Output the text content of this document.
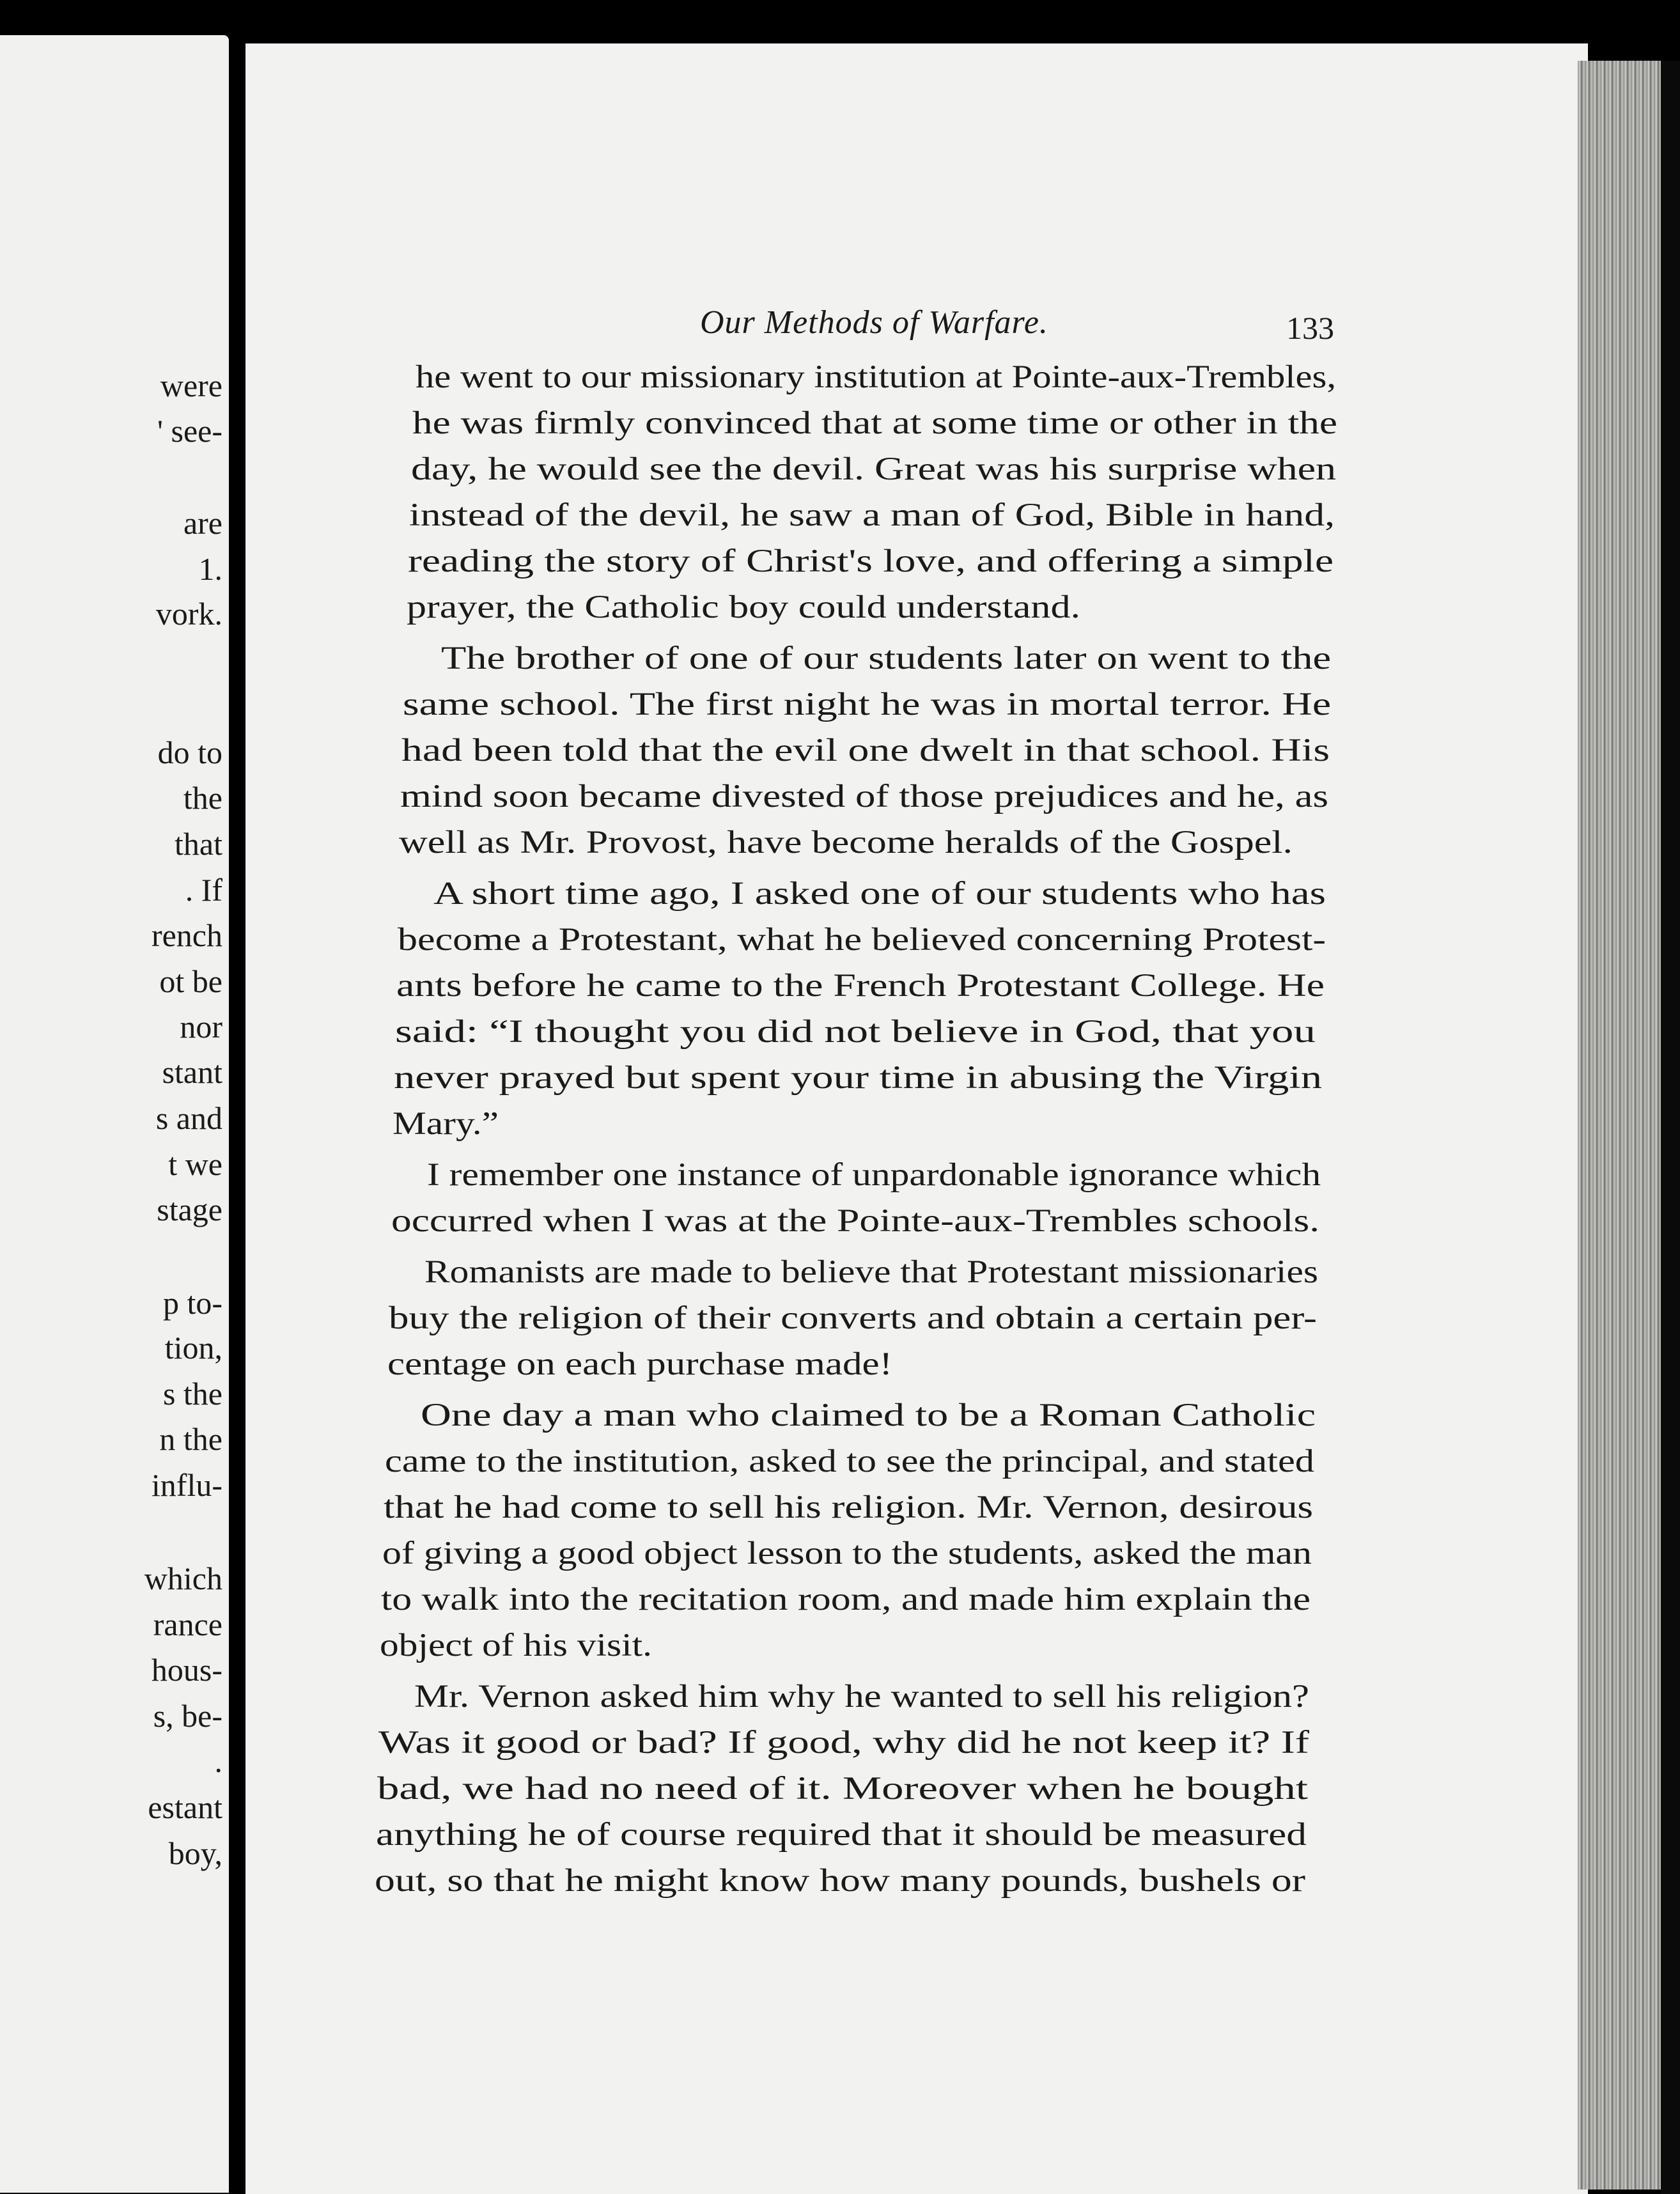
were
' see-
are
1.
vork.
do to
the
that
. If
rench
ot be
nor
stant
s and
t we
stage
p to-
tion,
s the
n the
influ-
which
rance
hous-
s, be-
.
estant
boy,
Our Methods of Warfare.	133
he went to our missionary institution at Pointe-aux-Trembles,
he was firmly convinced that at some time or other in the
day, he would see the devil. Great was his surprise when
instead of the devil, he saw a man of God, Bible in hand,
reading the story of Christ's love, and offering a simple
prayer, the Catholic boy could understand.
The brother of one of our students later on went to the
same school. The first night he was in mortal terror. He
had been told that the evil one dwelt in that school. His
mind soon became divested of those prejudices and he, as
well as Mr. Provost, have become heralds of the Gospel.
A short time ago, I asked one of our students who has
become a Protestant, what he believed concerning Protest-
ants before he came to the French Protestant College. He
said: “I thought you did not believe in God, that you
never prayed but spent your time in abusing the Virgin
Mary.”
I remember one instance of unpardonable ignorance which
occurred when I was at the Pointe-aux-Trembles schools.
Romanists are made to believe that Protestant missionaries
buy the religion of their converts and obtain a certain per-
centage on each purchase made!
One day a man who claimed to be a Roman Catholic
came to the institution, asked to see the principal, and stated
that he had come to sell his religion. Mr. Vernon, desirous
of giving a good object lesson to the students, asked the man
to walk into the recitation room, and made him explain the
object of his visit.
Mr. Vernon asked him why he wanted to sell his religion?
Was it good or bad? If good, why did he not keep it? If
bad, we had no need of it. Moreover when he bought
anything he of course required that it should be measured
out, so that he might know how many pounds, bushels or
